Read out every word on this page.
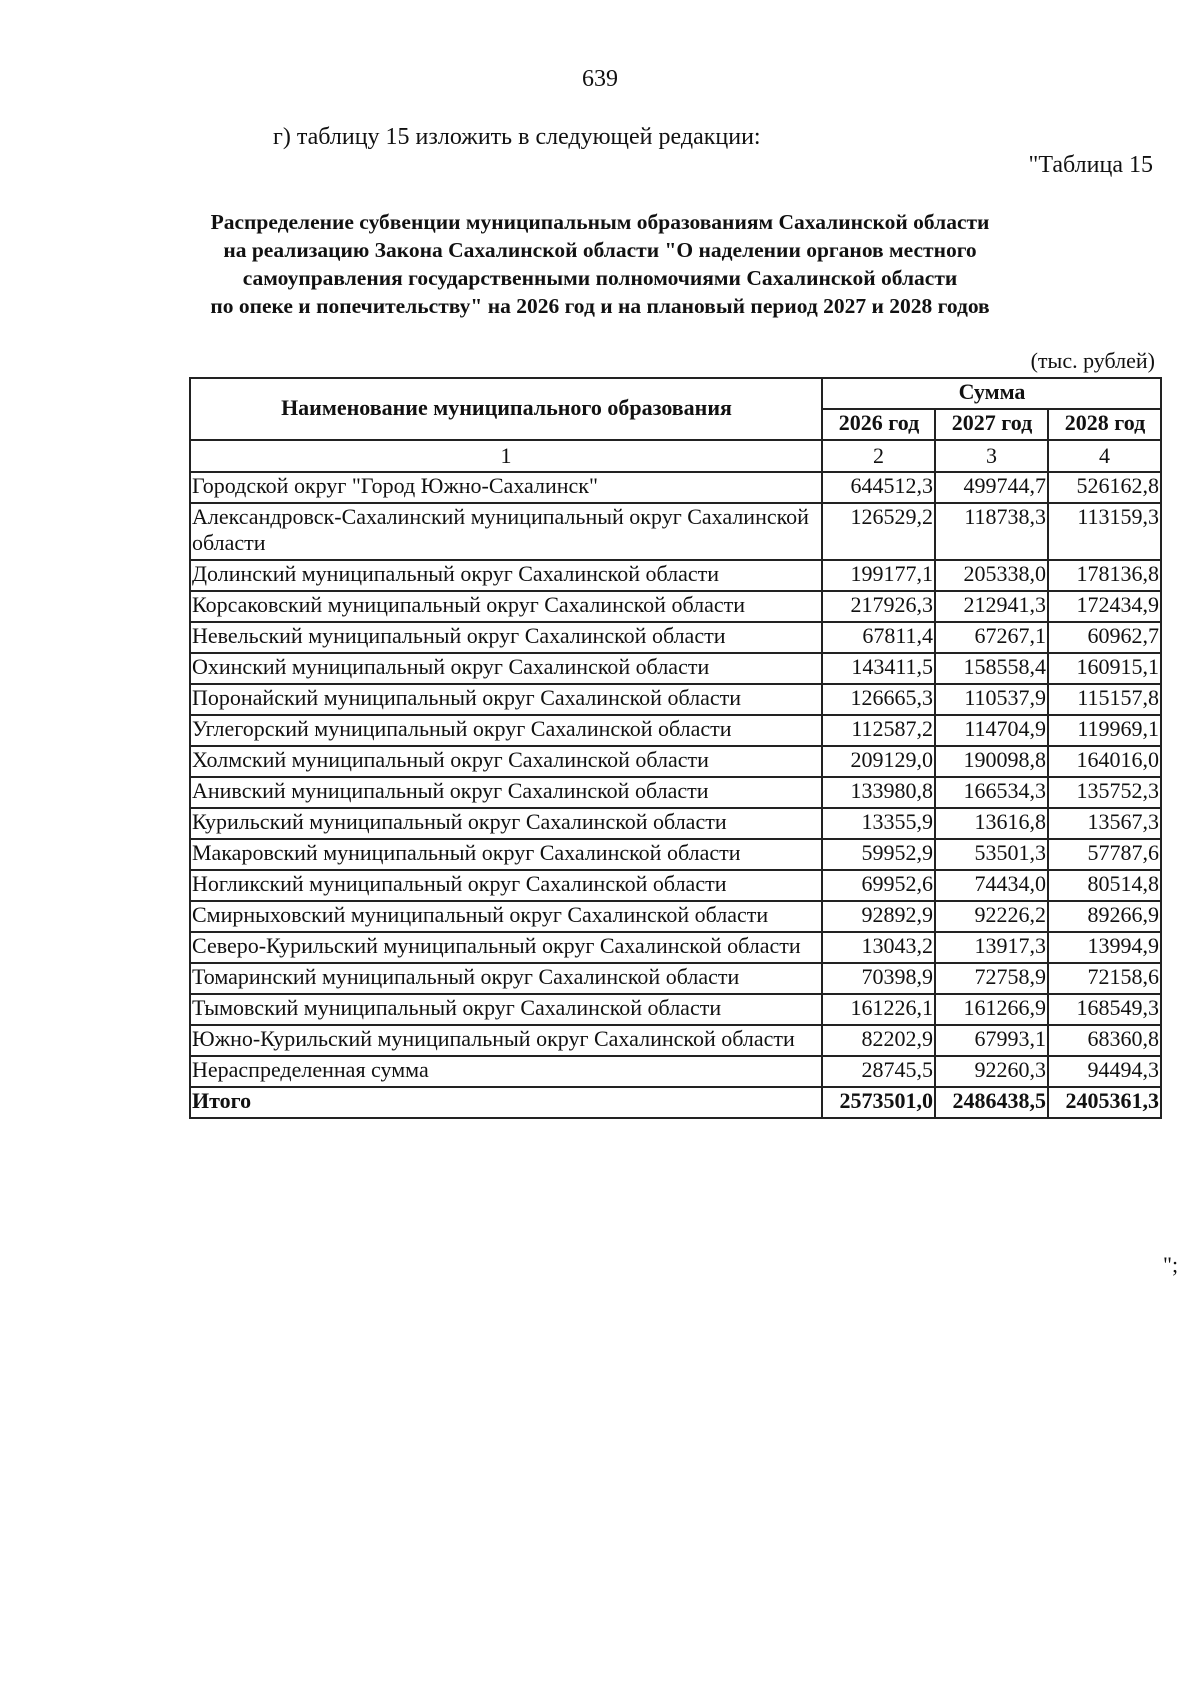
639
г) таблицу 15 изложить в следующей редакции:
"Таблица 15
Распределение субвенции муниципальным образованиям Сахалинской области
на реализацию Закона Сахалинской области "О наделении органов местного
самоуправления государственными полномочиями Сахалинской области
по опеке и попечительству" на 2026 год и на плановый период 2027 и 2028 годов
(тыс. рублей)
Наименование муниципального образования	Сумма		
	2026 год	2027 год	2028 год
1	2	3	4
Городской округ "Город Южно-Сахалинск"	644512,3	499744,7	526162,8
Александровск-Сахалинский муниципальный округ Сахалинской области	126529,2	118738,3	113159,3
Долинский муниципальный округ Сахалинской области	199177,1	205338,0	178136,8
Корсаковский муниципальный округ Сахалинской области	217926,3	212941,3	172434,9
Невельский муниципальный округ Сахалинской области	67811,4	67267,1	60962,7
Охинский муниципальный округ Сахалинской области	143411,5	158558,4	160915,1
Поронайский муниципальный округ Сахалинской области	126665,3	110537,9	115157,8
Углегорский муниципальный округ Сахалинской области	112587,2	114704,9	119969,1
Холмский муниципальный округ Сахалинской области	209129,0	190098,8	164016,0
Анивский муниципальный округ Сахалинской области	133980,8	166534,3	135752,3
Курильский муниципальный округ Сахалинской области	13355,9	13616,8	13567,3
Макаровский муниципальный округ Сахалинской области	59952,9	53501,3	57787,6
Ногликский муниципальный округ Сахалинской области	69952,6	74434,0	80514,8
Смирныховский муниципальный округ Сахалинской области	92892,9	92226,2	89266,9
Северо-Курильский муниципальный округ Сахалинской области	13043,2	13917,3	13994,9
Томаринский муниципальный округ Сахалинской области	70398,9	72758,9	72158,6
Тымовский муниципальный округ Сахалинской области	161226,1	161266,9	168549,3
Южно-Курильский муниципальный округ Сахалинской области	82202,9	67993,1	68360,8
Нераспределенная сумма	28745,5	92260,3	94494,3
Итого	2573501,0	2486438,5	2405361,3
";
